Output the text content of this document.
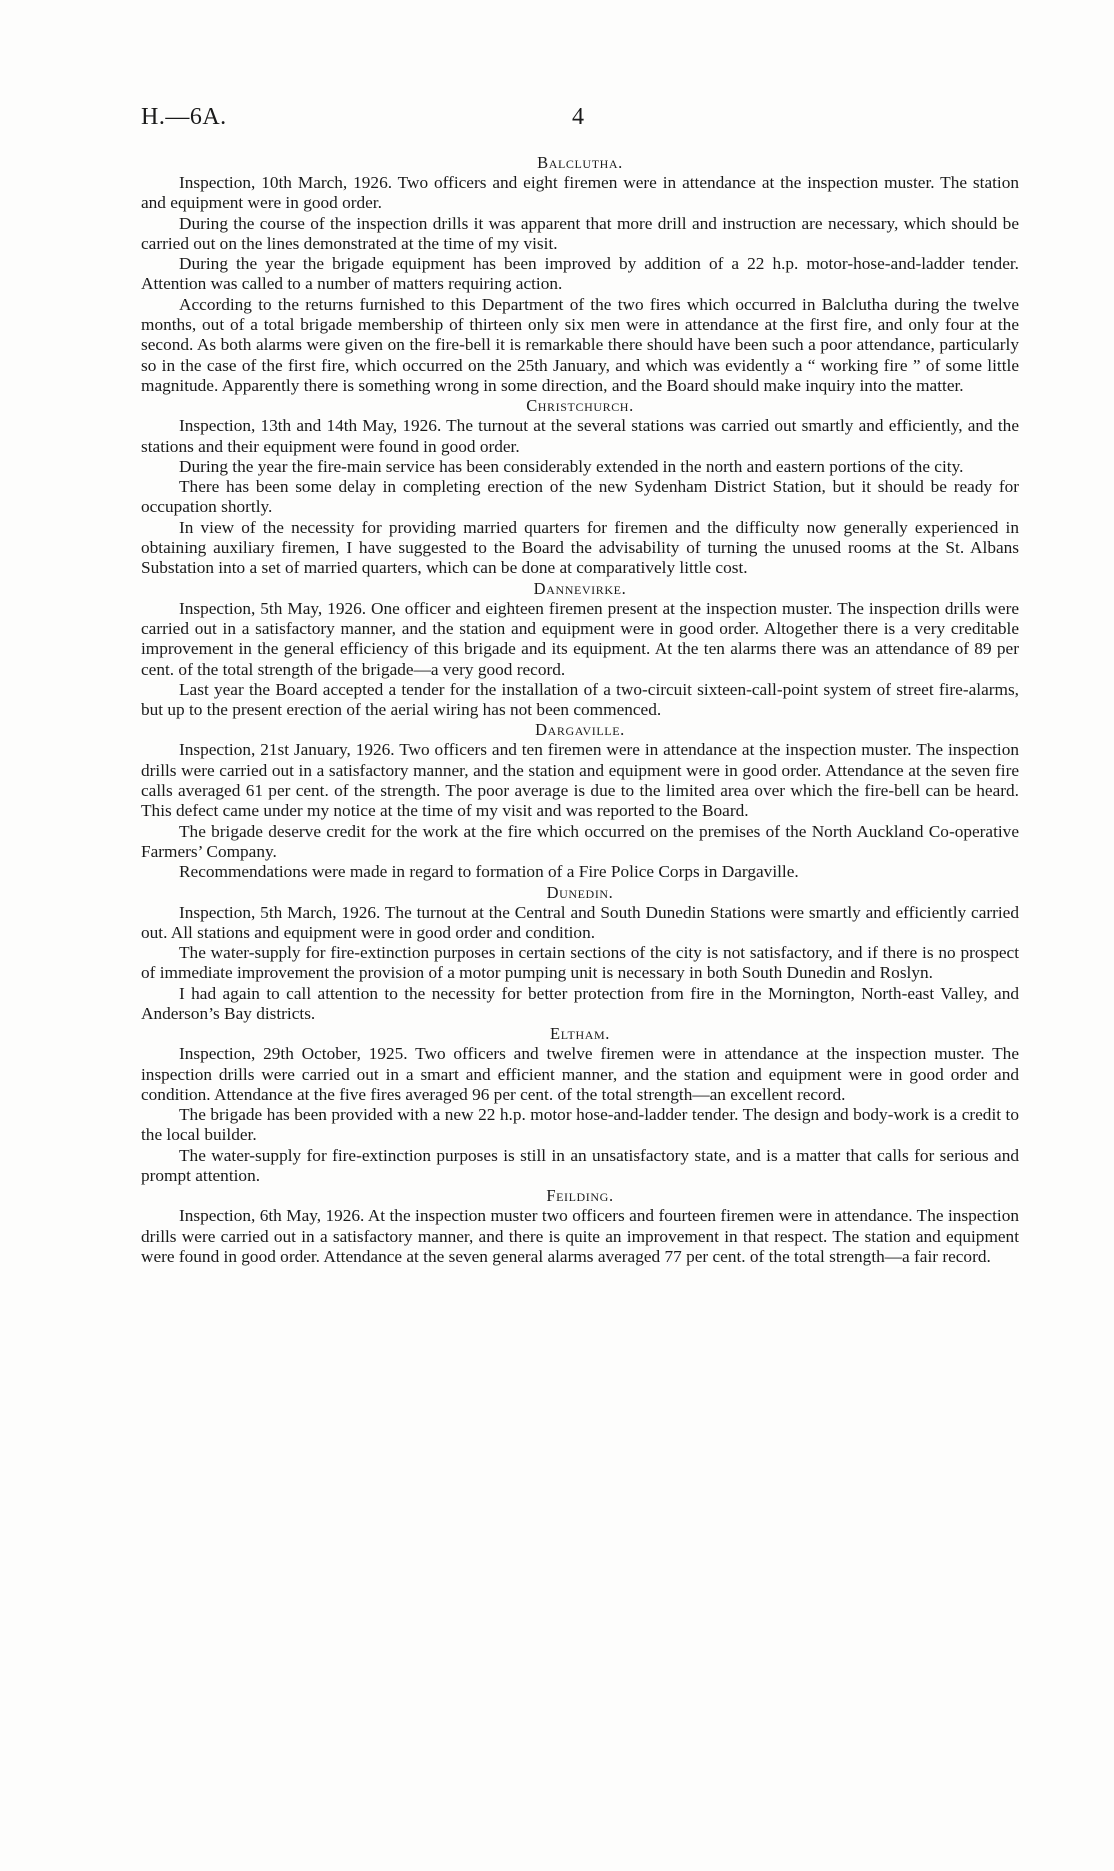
H.—6A.	4
Balclutha.

Inspection, 10th March, 1926. Two officers and eight firemen were in attendance at the inspection muster. The station and equipment were in good order.

During the course of the inspection drills it was apparent that more drill and instruction are necessary, which should be carried out on the lines demonstrated at the time of my visit.

During the year the brigade equipment has been improved by addition of a 22 h.p. motor-hose-and-ladder tender. Attention was called to a number of matters requiring action.

According to the returns furnished to this Department of the two fires which occurred in Balclutha during the twelve months, out of a total brigade membership of thirteen only six men were in attendance at the first fire, and only four at the second. As both alarms were given on the fire-bell it is remarkable there should have been such a poor attendance, particularly so in the case of the first fire, which occurred on the 25th January, and which was evidently a “ working fire ” of some little magnitude. Apparently there is something wrong in some direction, and the Board should make inquiry into the matter.

Christchurch.

Inspection, 13th and 14th May, 1926. The turnout at the several stations was carried out smartly and efficiently, and the stations and their equipment were found in good order.

During the year the fire-main service has been considerably extended in the north and eastern portions of the city.

There has been some delay in completing erection of the new Sydenham District Station, but it should be ready for occupation shortly.

In view of the necessity for providing married quarters for firemen and the difficulty now generally experienced in obtaining auxiliary firemen, I have suggested to the Board the advisability of turning the unused rooms at the St. Albans Substation into a set of married quarters, which can be done at comparatively little cost.

Dannevirke.

Inspection, 5th May, 1926. One officer and eighteen firemen present at the inspection muster. The inspection drills were carried out in a satisfactory manner, and the station and equipment were in good order. Altogether there is a very creditable improvement in the general efficiency of this brigade and its equipment. At the ten alarms there was an attendance of 89 per cent. of the total strength of the brigade—a very good record.

Last year the Board accepted a tender for the installation of a two-circuit sixteen-call-point system of street fire-alarms, but up to the present erection of the aerial wiring has not been commenced.

Dargaville.

Inspection, 21st January, 1926. Two officers and ten firemen were in attendance at the inspection muster. The inspection drills were carried out in a satisfactory manner, and the station and equipment were in good order. Attendance at the seven fire calls averaged 61 per cent. of the strength. The poor average is due to the limited area over which the fire-bell can be heard. This defect came under my notice at the time of my visit and was reported to the Board.

The brigade deserve credit for the work at the fire which occurred on the premises of the North Auckland Co-operative Farmers’ Company.

Recommendations were made in regard to formation of a Fire Police Corps in Dargaville.

Dunedin.

Inspection, 5th March, 1926. The turnout at the Central and South Dunedin Stations were smartly and efficiently carried out. All stations and equipment were in good order and condition.

The water-supply for fire-extinction purposes in certain sections of the city is not satisfactory, and if there is no prospect of immediate improvement the provision of a motor pumping unit is necessary in both South Dunedin and Roslyn.

I had again to call attention to the necessity for better protection from fire in the Mornington, North-east Valley, and Anderson’s Bay districts.

Eltham.

Inspection, 29th October, 1925. Two officers and twelve firemen were in attendance at the inspection muster. The inspection drills were carried out in a smart and efficient manner, and the station and equipment were in good order and condition. Attendance at the five fires averaged 96 per cent. of the total strength—an excellent record.

The brigade has been provided with a new 22 h.p. motor hose-and-ladder tender. The design and body-work is a credit to the local builder.

The water-supply for fire-extinction purposes is still in an unsatisfactory state, and is a matter that calls for serious and prompt attention.

Feilding.

Inspection, 6th May, 1926. At the inspection muster two officers and fourteen firemen were in attendance. The inspection drills were carried out in a satisfactory manner, and there is quite an improvement in that respect. The station and equipment were found in good order. Attendance at the seven general alarms averaged 77 per cent. of the total strength—a fair record.
